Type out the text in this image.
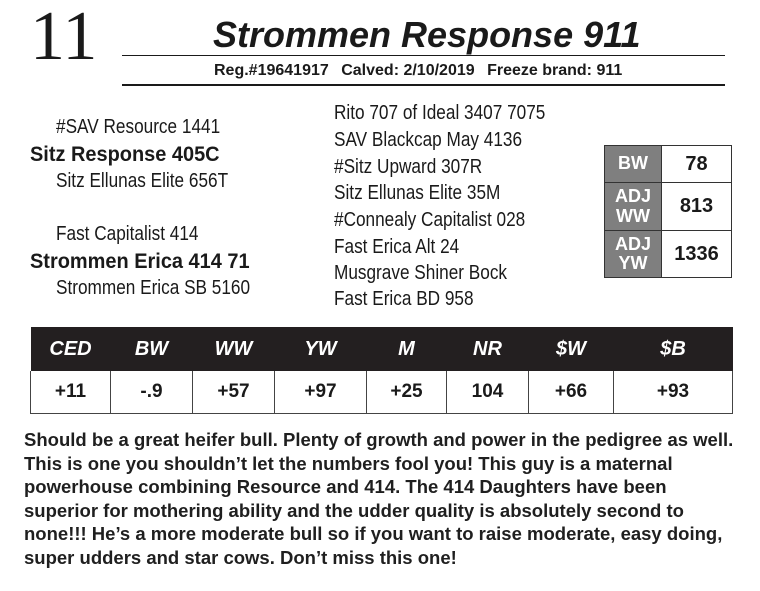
11	Strommen Response 911
Reg.#19641917 Calved: 2/10/2019 Freeze brand: 911
#SAV Resource 1441
Sitz Response 405C
Sitz Ellunas Elite 656T
Fast Capitalist 414
Strommen Erica 414 71
Strommen Erica SB 5160
Rito 707 of Ideal 3407 7075
SAV Blackcap May 4136
#Sitz Upward 307R
Sitz Ellunas Elite 35M
#Connealy Capitalist 028
Fast Erica Alt 24
Musgrave Shiner Bock
Fast Erica BD 958
BW	78
ADJ
WW	813
ADJ
YW	1336
CED	BW	WW	YW	M	NR	$W	$B
+11	-.9	+57	+97	+25	104	+66	+93
Should be a great heifer bull. Plenty of growth and power in the pedigree as well. This is one you shouldn’t let the numbers fool you! This guy is a maternal powerhouse combining Resource and 414. The 414 Daughters have been superior for mothering ability and the udder quality is absolutely second to none!!! He’s a more moderate bull so if you want to raise moderate, easy doing, super udders and star cows. Don’t miss this one!
